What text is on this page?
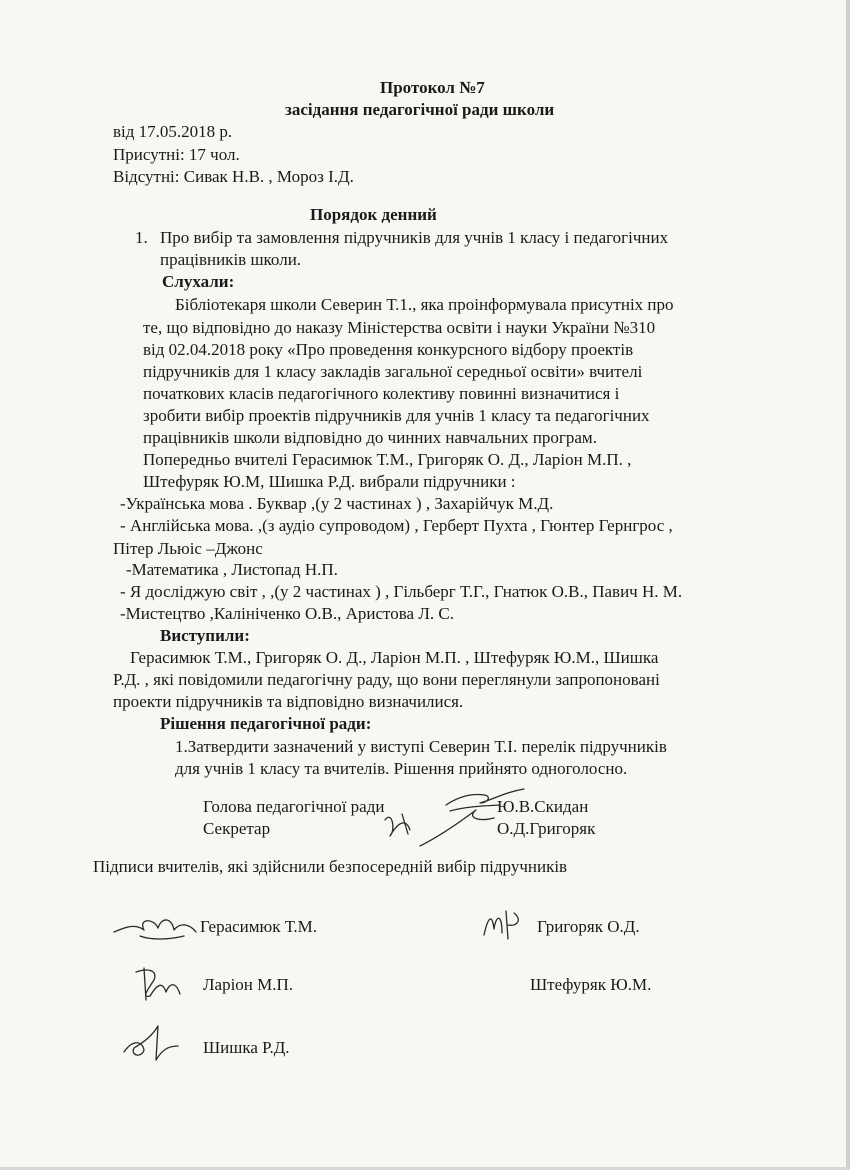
Протокол №7
засідання педагогічної ради школи
від 17.05.2018 р.
Присутні: 17 чол.
Відсутні: Сивак Н.В. , Мороз І.Д.
Порядок денний
1. Про вибір та замовлення підручників для учнів 1 класу і педагогічних
працівників школи.
Слухали:
Бібліотекаря школи Северин Т.1., яка проінформувала присутніх про
те, що відповідно до наказу Міністерства освіти і науки України №310
від 02.04.2018 року «Про проведення конкурсного відбору проектів
підручників для 1 класу закладів загальної середньої освіти» вчителі
початкових класів педагогічного колективу повинні визначитися і
зробити вибір проектів підручників для учнів 1 класу та педагогічних
працівників школи відповідно до чинних навчальних програм.
Попередньо вчителі Герасимюк Т.М., Григоряк О. Д., Ларіон М.П. ,
Штефуряк Ю.М, Шишка Р.Д. вибрали підручники :
-Українська мова . Буквар ,(у 2 частинах ) , Захарійчук М.Д.
- Англійська мова. ,(з аудіо супроводом) , Герберт Пухта , Гюнтер Гернгрос ,
Пітер Льюіс –Джонс
-Математика , Листопад Н.П.
- Я досліджую світ , ,(у 2 частинах ) , Гільберг Т.Г., Гнатюк О.В., Павич Н. М.
-Мистецтво ,Калініченко О.В., Аристова Л. С.
Виступили:
Герасимюк Т.М., Григоряк О. Д., Ларіон М.П. , Штефуряк Ю.М., Шишка
Р.Д. , які повідомили педагогічну раду, що вони переглянули запропоновані
проекти підручників та відповідно визначилися.
Рішення педагогічної ради:
1.Затвердити зазначений у виступі Северин Т.І. перелік підручників
для учнів 1 класу та вчителів. Рішення прийнято одноголосно.
Голова педагогічної ради	Ю.В.Скидан
Секретар	О.Д.Григоряк
Підписи вчителів, які здійснили безпосередній вибір підручників
Герасимюк Т.М.	Григоряк О.Д.
Ларіон М.П.	Штефуряк Ю.М.
Шишка Р.Д.
